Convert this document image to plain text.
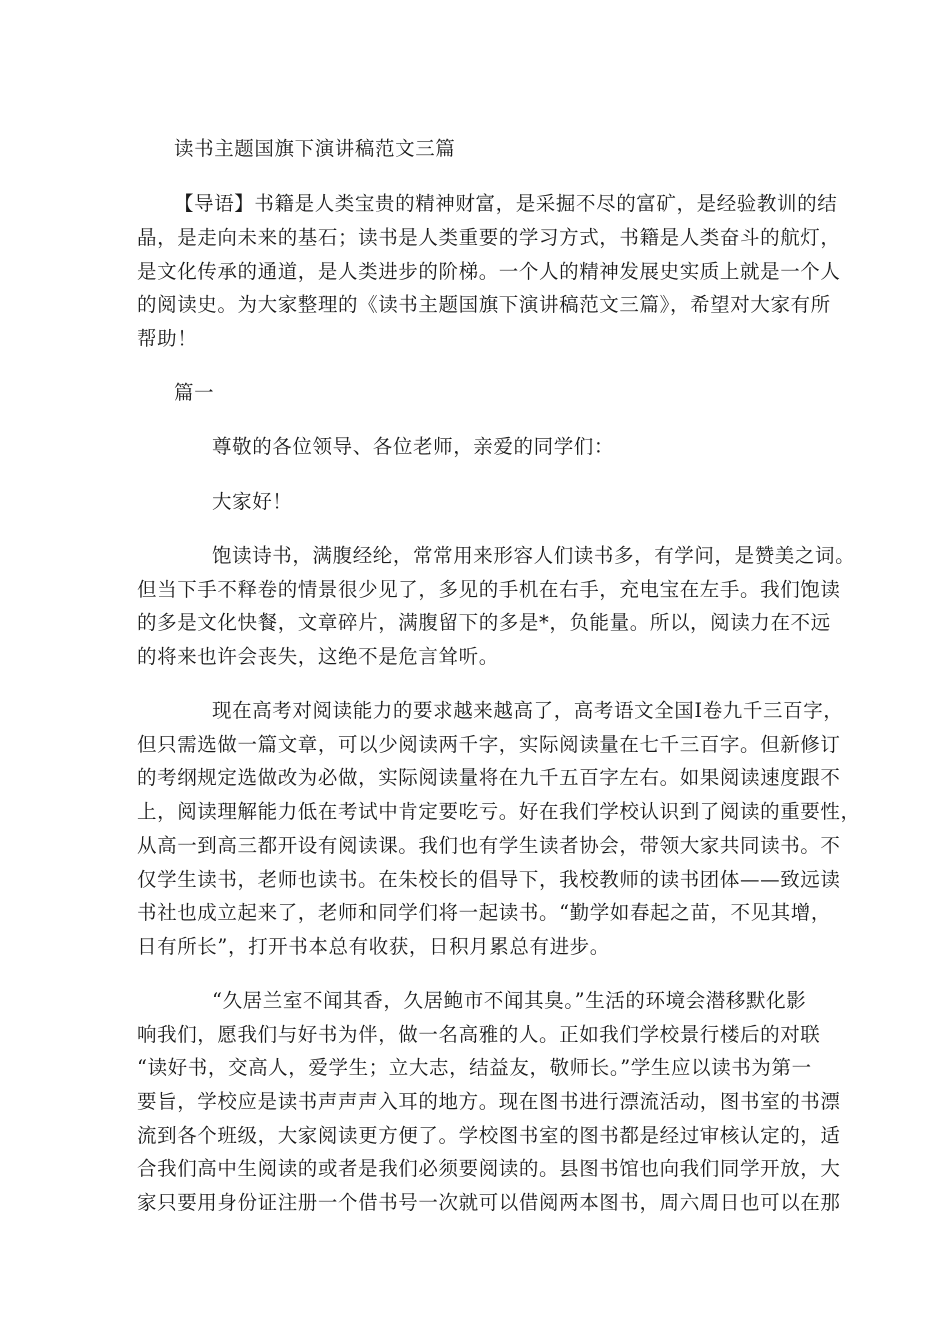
读书主题国旗下演讲稿范文三篇
【导语】书籍是人类宝贵的精神财富，是采掘不尽的富矿，是经验教训的结
晶，是走向未来的基石；读书是人类重要的学习方式，书籍是人类奋斗的航灯，
是文化传承的通道，是人类进步的阶梯。一个人的精神发展史实质上就是一个人
的阅读史。为大家整理的《读书主题国旗下演讲稿范文三篇》，希望对大家有所
帮助！
篇一
尊敬的各位领导、各位老师，亲爱的同学们：
大家好！
饱读诗书，满腹经纶，常常用来形容人们读书多，有学问，是赞美之词。
但当下手不释卷的情景很少见了，多见的手机在右手，充电宝在左手。我们饱读
的多是文化快餐，文章碎片，满腹留下的多是*，负能量。所以，阅读力在不远
的将来也许会丧失，这绝不是危言耸听。
现在高考对阅读能力的要求越来越高了，高考语文全国Ⅰ卷九千三百字，
但只需选做一篇文章，可以少阅读两千字，实际阅读量在七千三百字。但新修订
的考纲规定选做改为必做，实际阅读量将在九千五百字左右。如果阅读速度跟不
上，阅读理解能力低在考试中肯定要吃亏。好在我们学校认识到了阅读的重要性，
从高一到高三都开设有阅读课。我们也有学生读者协会，带领大家共同读书。不
仅学生读书，老师也读书。在朱校长的倡导下，我校教师的读书团体——致远读
书社也成立起来了，老师和同学们将一起读书。“勤学如春起之苗，不见其增，
日有所长”，打开书本总有收获，日积月累总有进步。
“久居兰室不闻其香，久居鲍市不闻其臭。”生活的环境会潜移默化影
响我们，愿我们与好书为伴，做一名高雅的人。正如我们学校景行楼后的对联
“读好书，交高人，爱学生；立大志，结益友，敬师长。”学生应以读书为第一
要旨，学校应是读书声声声入耳的地方。现在图书进行漂流活动，图书室的书漂
流到各个班级，大家阅读更方便了。学校图书室的图书都是经过审核认定的，适
合我们高中生阅读的或者是我们必须要阅读的。县图书馆也向我们同学开放，大
家只要用身份证注册一个借书号一次就可以借阅两本图书，周六周日也可以在那
